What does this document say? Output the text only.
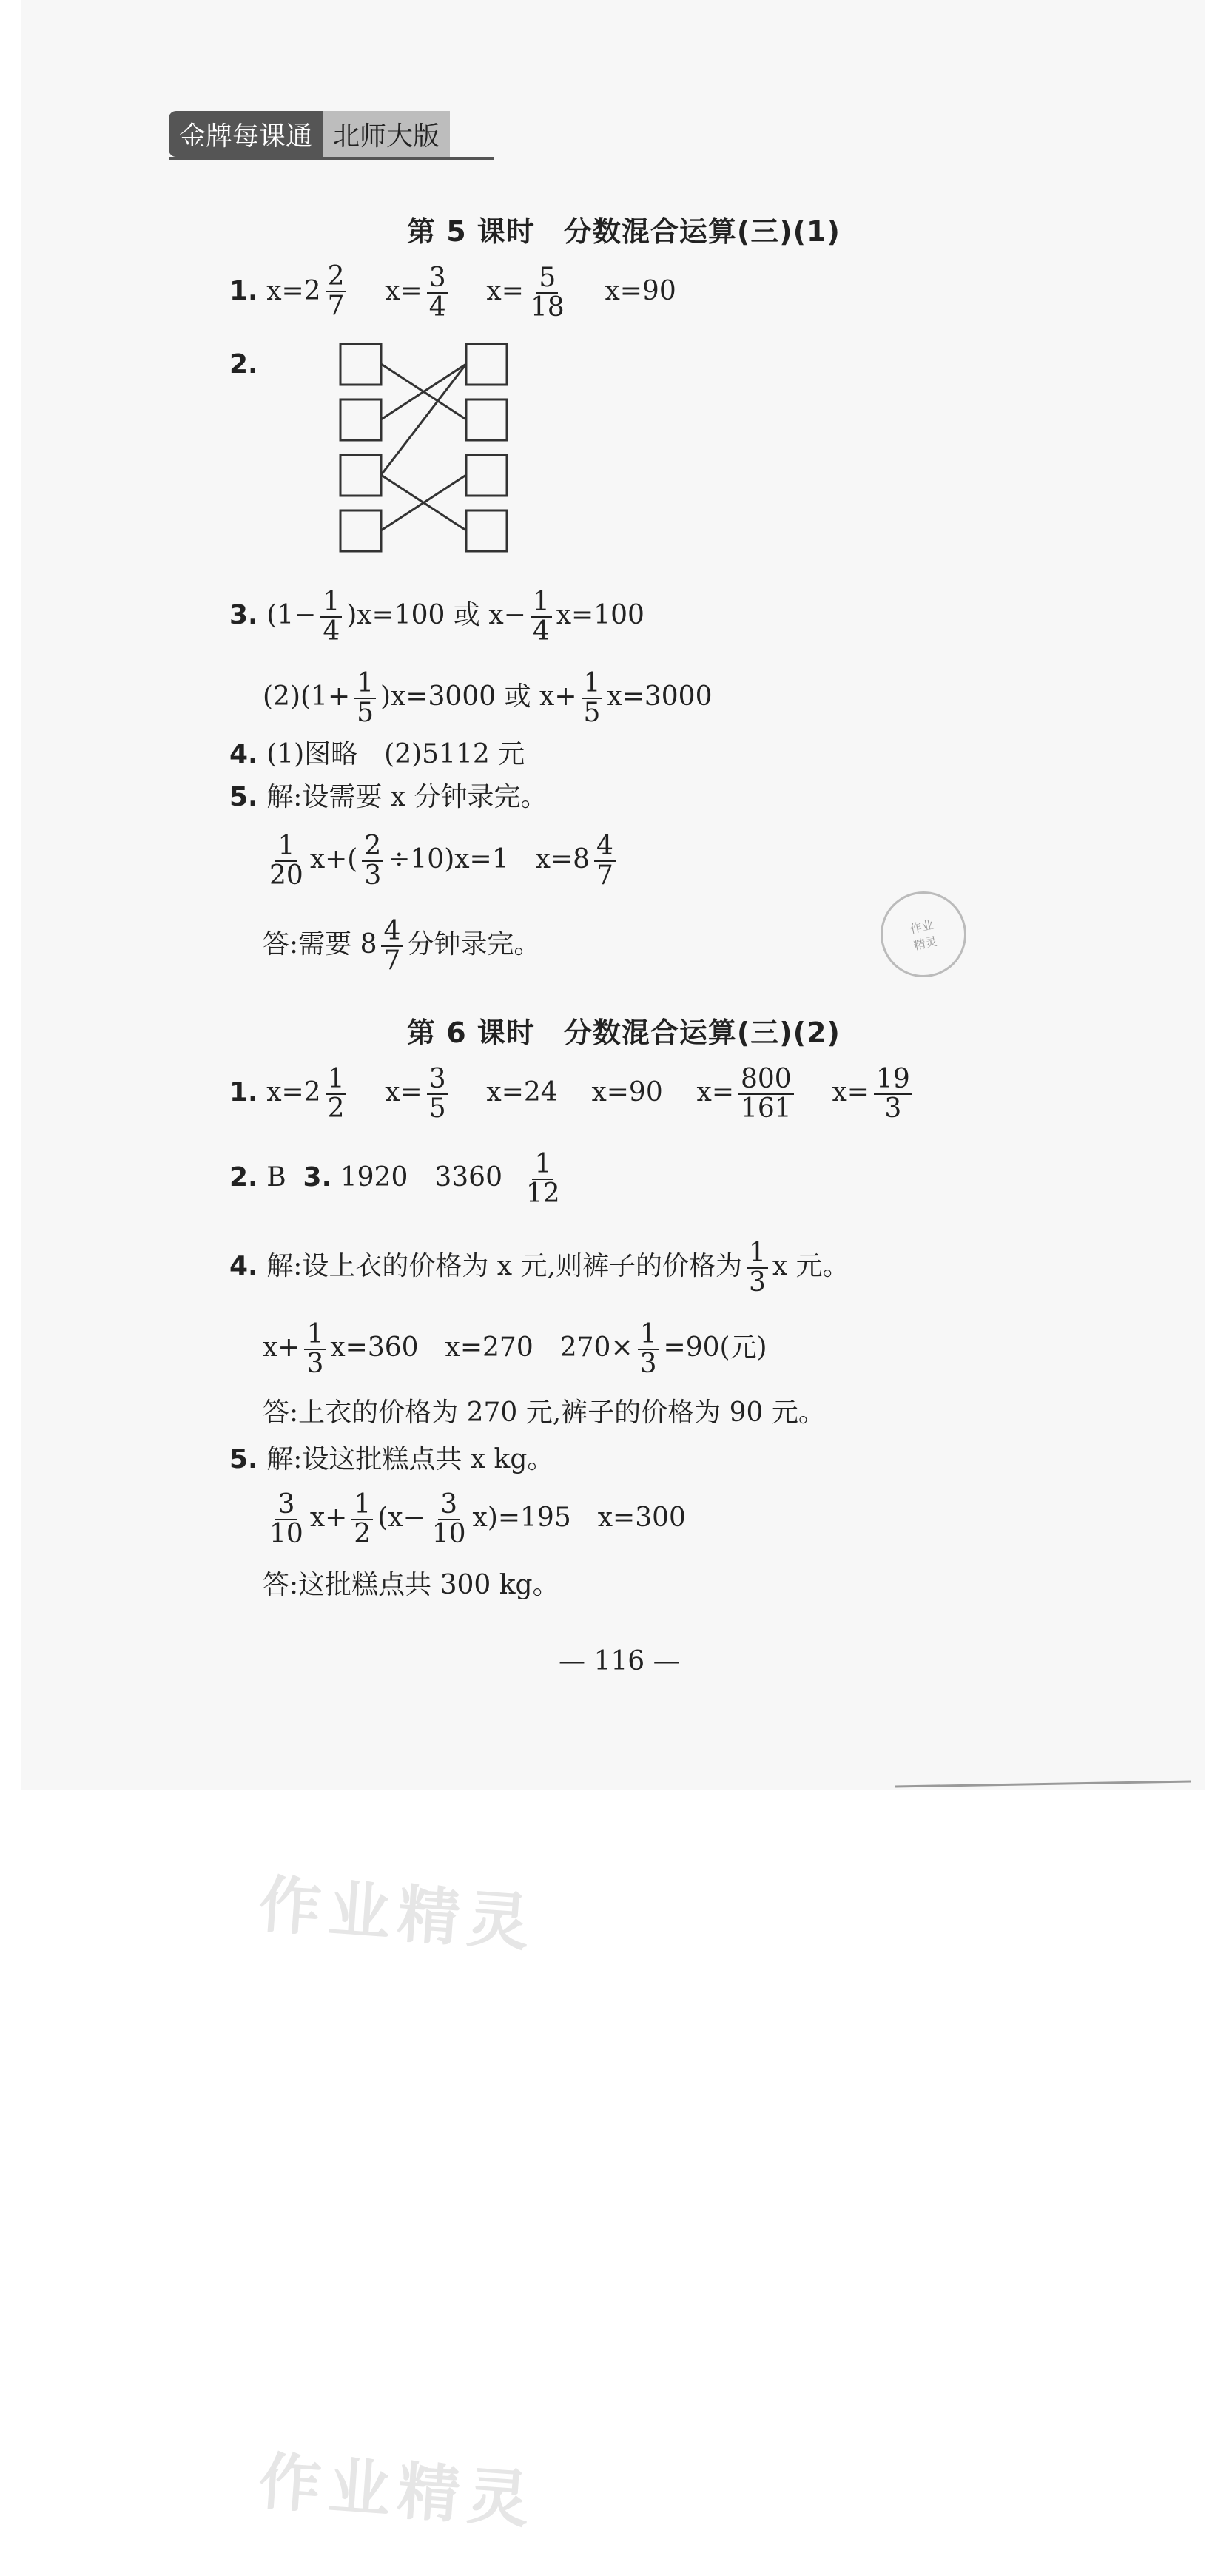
金牌每课通 北师大版
第 5 课时　分数混合运算(三)(1)
1. $x=2 \frac{2}{7} x= \frac{3}{4} x= \frac{5}{18} x=90$
2.
3. $(1- \frac{1}{4} )x=100$ 或 $x- \frac{1}{4} x=100$
$(2)(1+ \frac{1}{5} )x=3000$ 或 $x+ \frac{1}{5} x=3000$
4. (1)图略　(2)5112 元
5. 解:设需要 x 分钟录完。
$\frac{1}{20} x+( \frac{2}{3} \div 10)x=1$　$x=8 \frac{4}{7}$
答:需要 $8 \frac{4}{7}$ 分钟录完。
作业
精灵
第 6 课时　分数混合运算(三)(2)
1. $x=2 \frac{1}{2} x= \frac{3}{5} x=24$ x=90 $x= \frac{800}{161} x= \frac{19}{3}$
2. B 3. 1920　$3360 \frac{1}{12}$
4. 解:设上衣的价格为 x 元,则裤子的价格为 $\frac{1}{3}$ x 元。
$x+ \frac{1}{3} x=360$　x=270　$270\times \frac{1}{3} =90$(元)
答:上衣的价格为 270 元,裤子的价格为 90 元。
5. 解:设这批糕点共 x kg。
$\frac{3}{10} x+ \frac{1}{2} (x- \frac{3}{10} x)=195$　x=300
答:这批糕点共 300 kg。
— 116 —
作业精灵
作业精灵
